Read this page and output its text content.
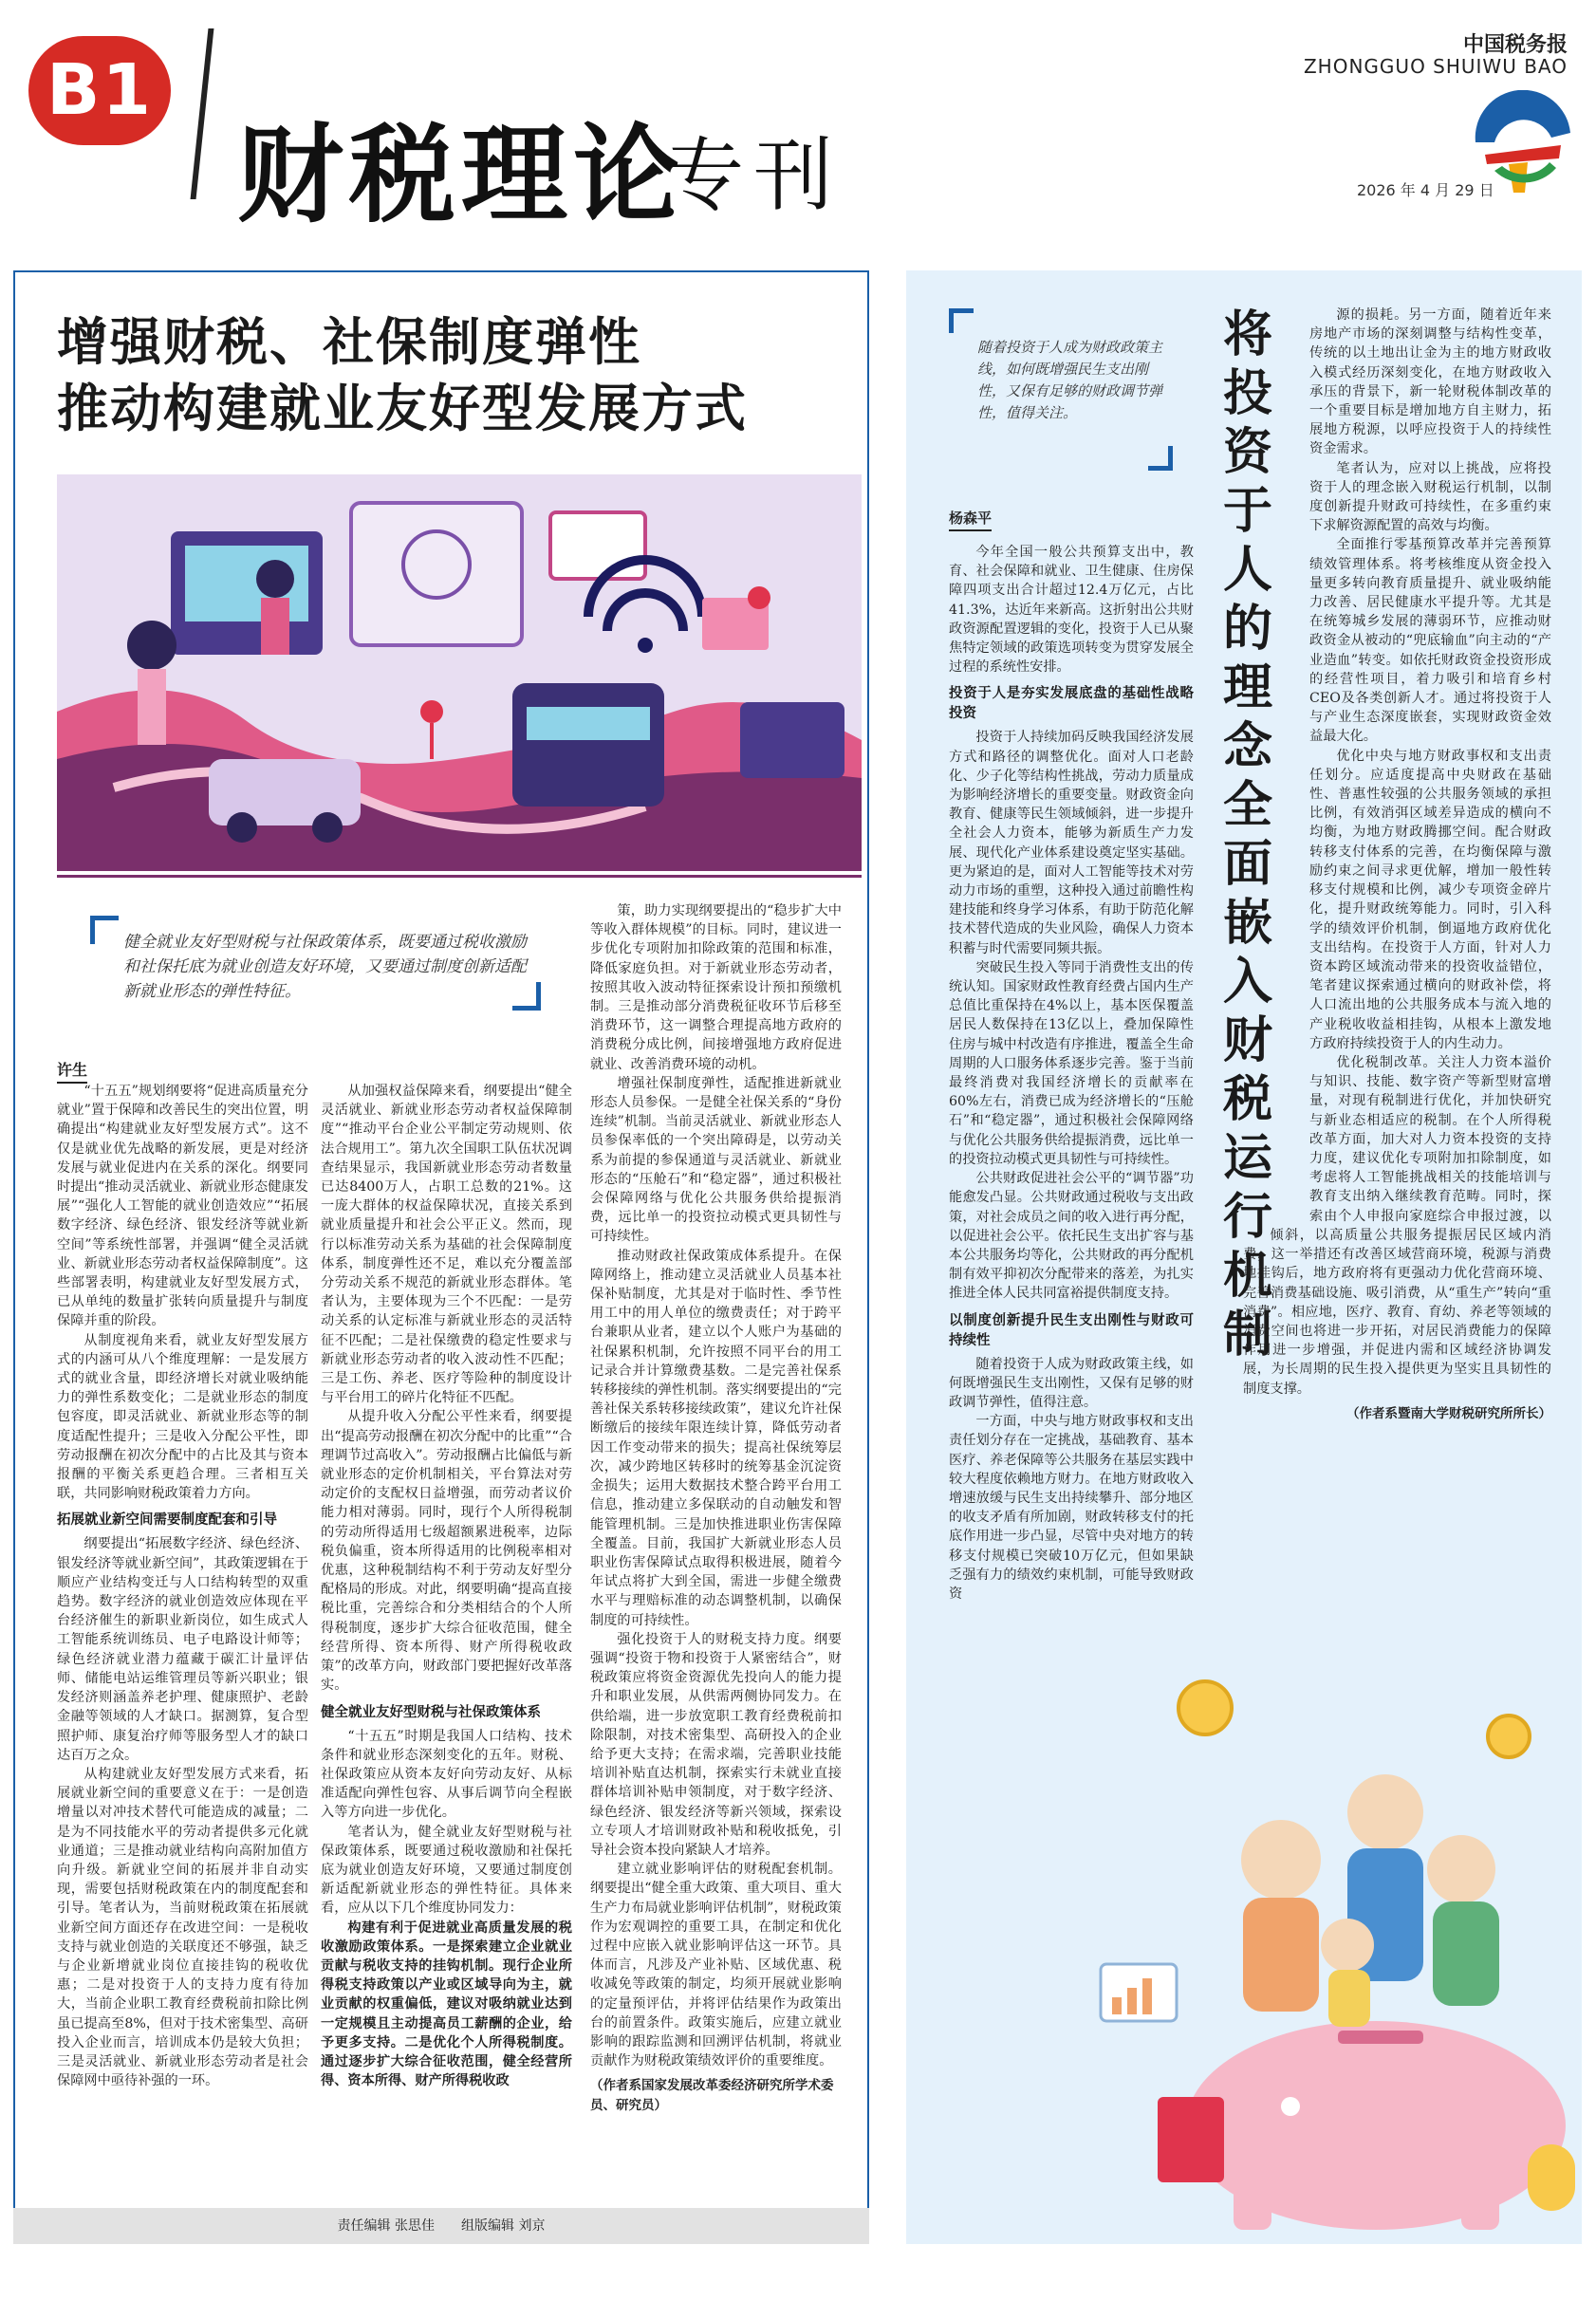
B1
财税理论
专刊
中国税务报
ZHONGGUO SHUIWU BAO
2026 年 4 月 29 日
增强财税、社保制度弹性
推动构建就业友好型发展方式
健全就业友好型财税与社保政策体系，既要通过税收激励和社保托底为就业创造友好环境，又要通过制度创新适配新就业形态的弹性特征。
许生

“十五五”规划纲要将“促进高质量充分就业”置于保障和改善民生的突出位置，明确提出“构建就业友好型发展方式”。这不仅是就业优先战略的新发展，更是对经济发展与就业促进内在关系的深化。纲要同时提出“推动灵活就业、新就业形态健康发展”“强化人工智能的就业创造效应”“拓展数字经济、绿色经济、银发经济等就业新空间”等系统性部署，并强调“健全灵活就业、新就业形态劳动者权益保障制度”。这些部署表明，构建就业友好型发展方式，已从单纯的数量扩张转向质量提升与制度保障并重的阶段。

从制度视角来看，就业友好型发展方式的内涵可从八个维度理解：一是发展方式的就业含量，即经济增长对就业吸纳能力的弹性系数变化；二是就业形态的制度包容度，即灵活就业、新就业形态等的制度适配性提升；三是收入分配公平性，即劳动报酬在初次分配中的占比及其与资本报酬的平衡关系更趋合理。三者相互关联，共同影响财税政策着力方向。

拓展就业新空间需要制度配套和引导

纲要提出“拓展数字经济、绿色经济、银发经济等就业新空间”，其政策逻辑在于顺应产业结构变迁与人口结构转型的双重趋势。数字经济的就业创造效应体现在平台经济催生的新职业新岗位，如生成式人工智能系统训练员、电子电路设计师等；绿色经济就业潜力蕴藏于碳汇计量评估师、储能电站运维管理员等新兴职业；银发经济则涵盖养老护理、健康照护、老龄金融等领域的人才缺口。据测算，复合型照护师、康复治疗师等服务型人才的缺口达百万之众。

从构建就业友好型发展方式来看，拓展就业新空间的重要意义在于：一是创造增量以对冲技术替代可能造成的减量；二是为不同技能水平的劳动者提供多元化就业通道；三是推动就业结构向高附加值方向升级。新就业空间的拓展并非自动实现，需要包括财税政策在内的制度配套和引导。笔者认为，当前财税政策在拓展就业新空间方面还存在改进空间：一是税收支持与就业创造的关联度还不够强，缺乏与企业新增就业岗位直接挂钩的税收优惠；二是对投资于人的支持力度有待加大，当前企业职工教育经费税前扣除比例虽已提高至8%，但对于技术密集型、高研投入企业而言，培训成本仍是较大负担；三是灵活就业、新就业形态劳动者是社会保障网中亟待补强的一环。

从加强权益保障来看，纲要提出“健全灵活就业、新就业形态劳动者权益保障制度”“推动平台企业公平制定劳动规则、依法合规用工”。第九次全国职工队伍状况调查结果显示，我国新就业形态劳动者数量已达8400万人，占职工总数的21%。这一庞大群体的权益保障状况，直接关系到就业质量提升和社会公平正义。然而，现行以标准劳动关系为基础的社会保障制度体系，制度弹性还不足，难以充分覆盖部分劳动关系不规范的新就业形态群体。笔者认为，主要体现为三个不匹配：一是劳动关系的认定标准与新就业形态的灵活特征不匹配；二是社保缴费的稳定性要求与新就业形态劳动者的收入波动性不匹配；三是工伤、养老、医疗等险种的制度设计与平台用工的碎片化特征不匹配。

从提升收入分配公平性来看，纲要提出“提高劳动报酬在初次分配中的比重”“合理调节过高收入”。劳动报酬占比偏低与新就业形态的定价机制相关，平台算法对劳动定价的支配权日益增强，而劳动者议价能力相对薄弱。同时，现行个人所得税制的劳动所得适用七级超额累进税率，边际税负偏重，资本所得适用的比例税率相对优惠，这种税制结构不利于劳动友好型分配格局的形成。对此，纲要明确“提高直接税比重，完善综合和分类相结合的个人所得税制度，逐步扩大综合征收范围，健全经营所得、资本所得、财产所得税收政策”的改革方向，财政部门要把握好改革落实。

健全就业友好型财税与社保政策体系

“十五五”时期是我国人口结构、技术条件和就业形态深刻变化的五年。财税、社保政策应从资本友好向劳动友好、从标准适配向弹性包容、从事后调节向全程嵌入等方向进一步优化。

笔者认为，健全就业友好型财税与社保政策体系，既要通过税收激励和社保托底为就业创造友好环境，又要通过制度创新适配新就业形态的弹性特征。具体来看，应从以下几个维度协同发力：

构建有利于促进就业高质量发展的税收激励政策体系。一是探索建立企业就业贡献与税收支持的挂钩机制。现行企业所得税支持政策以产业或区域导向为主，就业贡献的权重偏低，建议对吸纳就业达到一定规模且主动提高员工薪酬的企业，给予更多支持。二是优化个人所得税制度。通过逐步扩大综合征收范围，健全经营所得、资本所得、财产所得税收政

策，助力实现纲要提出的“稳步扩大中等收入群体规模”的目标。同时，建议进一步优化专项附加扣除政策的范围和标准，降低家庭负担。对于新就业形态劳动者，按照其收入波动特征探索设计预扣预缴机制。三是推动部分消费税征收环节后移至消费环节，这一调整合理提高地方政府的消费税分成比例，间接增强地方政府促进就业、改善消费环境的动机。

增强社保制度弹性，适配推进新就业形态人员参保。一是健全社保关系的“身份连续”机制。当前灵活就业、新就业形态人员参保率低的一个突出障碍是，以劳动关系为前提的参保通道与灵活就业、新就业形态的“压舱石”和“稳定器”，通过积极社会保障网络与优化公共服务供给提振消费，远比单一的投资拉动模式更具韧性与可持续性。

推动财政社保政策成体系提升。在保障网络上，推动建立灵活就业人员基本社保补贴制度，尤其是对于临时性、季节性用工中的用人单位的缴费责任；对于跨平台兼职从业者，建立以个人账户为基础的社保累积机制，允许按照不同平台的用工记录合并计算缴费基数。二是完善社保系转移接续的弹性机制。落实纲要提出的“完善社保关系转移接续政策”，建议允许社保断缴后的接续年限连续计算，降低劳动者因工作变动带来的损失；提高社保统筹层次，减少跨地区转移时的统筹基金沉淀资金损失；运用大数据技术整合跨平台用工信息，推动建立多保联动的自动触发和智能管理机制。三是加快推进职业伤害保障全覆盖。目前，我国扩大新就业形态人员职业伤害保障试点取得积极进展，随着今年试点将扩大到全国，需进一步健全缴费水平与理赔标准的动态调整机制，以确保制度的可持续性。

强化投资于人的财税支持力度。纲要强调“投资于物和投资于人紧密结合”，财税政策应将资金资源优先投向人的能力提升和职业发展，从供需两侧协同发力。在供给端，进一步放宽职工教育经费税前扣除限制，对技术密集型、高研投入的企业给予更大支持；在需求端，完善职业技能培训补贴直达机制，探索实行未就业直接群体培训补贴申领制度，对于数字经济、绿色经济、银发经济等新兴领域，探索设立专项人才培训财政补贴和税收抵免，引导社会资本投向紧缺人才培养。

建立就业影响评估的财税配套机制。纲要提出“健全重大政策、重大项目、重大生产力布局就业影响评估机制”，财税政策作为宏观调控的重要工具，在制定和优化过程中应嵌入就业影响评估这一环节。具体而言，凡涉及产业补贴、区域优惠、税收减免等政策的制定，均须开展就业影响的定量预评估，并将评估结果作为政策出台的前置条件。政策实施后，应建立就业影响的跟踪监测和回溯评估机制，将就业贡献作为财税政策绩效评价的重要维度。

（作者系国家发展改革委经济研究所学术委员、研究员）

责任编辑 张思佳　　组版编辑 刘京
随着投资于人成为财政政策主线，如何既增强民生支出刚性，又保有足够的财政调节弹性，值得关注。
将投资于人的理念全面嵌入财税运行机制
杨森平

今年全国一般公共预算支出中，教育、社会保障和就业、卫生健康、住房保障四项支出合计超过12.4万亿元，占比41.3%，达近年来新高。这折射出公共财政资源配置逻辑的变化，投资于人已从聚焦特定领域的政策选项转变为贯穿发展全过程的系统性安排。

投资于人是夯实发展底盘的基础性战略投资

投资于人持续加码反映我国经济发展方式和路径的调整优化。面对人口老龄化、少子化等结构性挑战，劳动力质量成为影响经济增长的重要变量。财政资金向教育、健康等民生领域倾斜，进一步提升全社会人力资本，能够为新质生产力发展、现代化产业体系建设奠定坚实基础。更为紧迫的是，面对人工智能等技术对劳动力市场的重塑，这种投入通过前瞻性构建技能和终身学习体系，有助于防范化解技术替代造成的失业风险，确保人力资本积蓄与时代需要同频共振。

突破民生投入等同于消费性支出的传统认知。国家财政性教育经费占国内生产总值比重保持在4%以上，基本医保覆盖居民人数保持在13亿以上，叠加保障性住房与城中村改造有序推进，覆盖全生命周期的人口服务体系逐步完善。鉴于当前最终消费对我国经济增长的贡献率在60%左右，消费已成为经济增长的“压舱石”和“稳定器”，通过积极社会保障网络与优化公共服务供给提振消费，远比单一的投资拉动模式更具韧性与可持续性。

公共财政促进社会公平的“调节器”功能愈发凸显。公共财政通过税收与支出政策，对社会成员之间的收入进行再分配，以促进社会公平。依托民生支出扩容与基本公共服务均等化，公共财政的再分配机制有效平抑初次分配带来的落差，为扎实推进全体人民共同富裕提供制度支持。

以制度创新提升民生支出刚性与财政可持续性

随着投资于人成为财政政策主线，如何既增强民生支出刚性，又保有足够的财政调节弹性，值得注意。

一方面，中央与地方财政事权和支出责任划分存在一定挑战，基础教育、基本医疗、养老保障等公共服务在基层实践中较大程度依赖地方财力。在地方财政收入增速放缓与民生支出持续攀升、部分地区的收支矛盾有所加剧，财政转移支付的托底作用进一步凸显，尽管中央对地方的转移支付规模已突破10万亿元，但如果缺乏强有力的绩效约束机制，可能导致财政资

源的损耗。另一方面，随着近年来房地产市场的深刻调整与结构性变革，传统的以土地出让金为主的地方财政收入模式经历深刻变化，在地方财政收入承压的背景下，新一轮财税体制改革的一个重要目标是增加地方自主财力，拓展地方税源，以呼应投资于人的持续性资金需求。

笔者认为，应对以上挑战，应将投资于人的理念嵌入财税运行机制，以制度创新提升财政可持续性，在多重约束下求解资源配置的高效与均衡。

全面推行零基预算改革并完善预算绩效管理体系。将考核维度从资金投入量更多转向教育质量提升、就业吸纳能力改善、居民健康水平提升等。尤其是在统筹城乡发展的薄弱环节，应推动财政资金从被动的“兜底输血”向主动的“产业造血”转变。如依托财政资金投资形成的经营性项目，着力吸引和培育乡村CEO及各类创新人才。通过将投资于人与产业生态深度嵌套，实现财政资金效益最大化。

优化中央与地方财政事权和支出责任划分。应适度提高中央财政在基础性、普惠性较强的公共服务领域的承担比例，有效消弭区域差异造成的横向不均衡，为地方财政腾挪空间。配合财政转移支付体系的完善，在均衡保障与激励约束之间寻求更优解，增加一般性转移支付规模和比例，减少专项资金碎片化，提升财政统筹能力。同时，引入科学的绩效评价机制，倒逼地方政府优化支出结构。在投资于人方面，针对人力资本跨区域流动带来的投资收益错位，笔者建议探索通过横向的财政补偿，将人口流出地的公共服务成本与流入地的产业税收收益相挂钩，从根本上激发地方政府持续投资于人的内生动力。

优化税制改革。关注人力资本溢价与知识、技能、数字资产等新型财富增量，对现有税制进行优化，并加快研究与新业态相适应的税制。在个人所得税改革方面，加大对人力资本投资的支持力度，建议优化专项附加扣除制度，如考虑将人工智能挑战相关的技能培训与教育支出纳入继续教育范畴。同时，探索由个人申报向家庭综合申报过渡，以

倾斜，以高质量公共服务提振居民区域内消费，这一举措还有改善区域营商环境，税源与消费地挂钩后，地方政府将有更强动力优化营商环境、完善消费基础设施、吸引消费，从“重生产”转向“重消费”。相应地，医疗、教育、育幼、养老等领域的消费空间也将进一步开拓，对居民消费能力的保障作用进一步增强，并促进内需和区域经济协调发展，为长周期的民生投入提供更为坚实且具韧性的制度支撑。

（作者系暨南大学财税研究所所长）
